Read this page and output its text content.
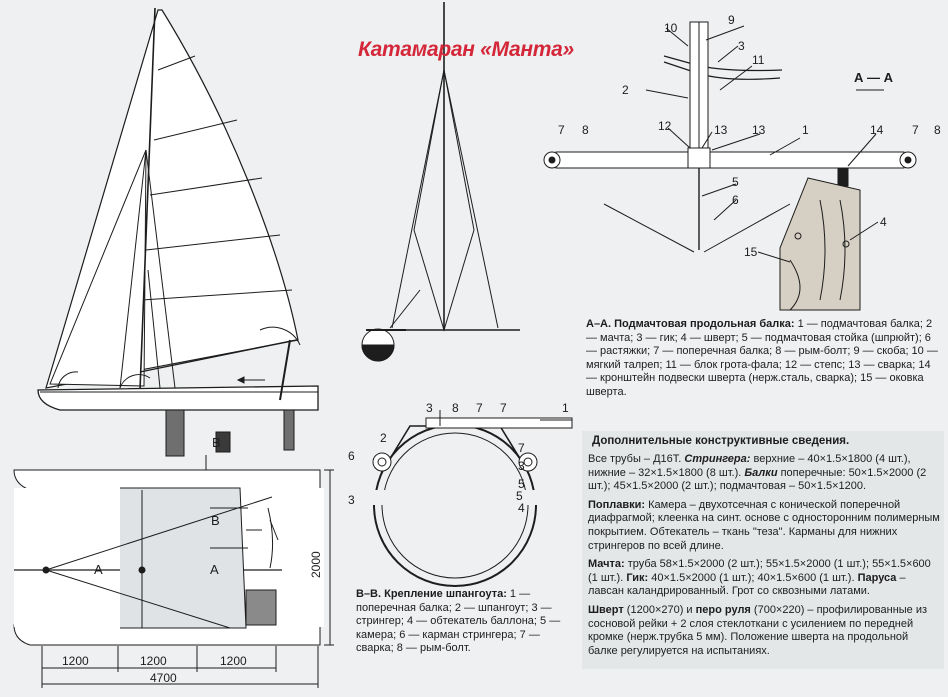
B
B
A	A	2000
1200	1200	1200
4700
10
9
3
11
2
12	13 13	1	14 7 8
7 8
5
6
4
15
3 8 7 7	1
2
6
3	5
7
3
5
4
А — А
Катамаран «Манта»
А–А. Подмачтовая продольная балка: 1 — подмачтовая балка; 2 — мачта; 3 — гик; 4 — шверт; 5 — подмачтовая стойка (шпрюйт); 6 — растяжки; 7 — поперечная балка; 8 — рым-болт; 9 — скоба; 10 — мягкий талреп; 11 — блок грота-фала; 12 — степс; 13 — сварка; 14 — кронштейн подвески шверта (нерж.сталь, сварка); 15 — оковка шверта.
Дополнительные конструктивные сведения.

Все трубы – Д16Т. Стрингера: верхние – 40×1.5×1800 (4 шт.), нижние – 32×1.5×1800 (8 шт.). Балки поперечные: 50×1.5×2000 (2 шт.); 45×1.5×2000 (2 шт.); подмачтовая – 50×1.5×1200.

Поплавки: Камера – двухотсечная с конической поперечной диафрагмой; клеенка на синт. основе с односторонним полимерным покрытием. Обтекатель – ткань "теза". Карманы для нижних стрингеров по всей длине.

Мачта: труба 58×1.5×2000 (2 шт.); 55×1.5×2000 (1 шт.); 55×1.5×600 (1 шт.). Гик: 40×1.5×2000 (1 шт.); 40×1.5×600 (1 шт.). Паруса – лавсан каландрированный. Грот со сквозными латами.

Шверт (1200×270) и перо руля (700×220) – профилированные из сосновой рейки + 2 слоя стеклоткани с усилением по передней кромке (нерж.трубка 5 мм). Положение шверта на продольной балке регулируется на испытаниях.

В–В. Крепление шпангоута: 1 — поперечная балка; 2 — шпангоут; 3 — стрингер; 4 — обтекатель баллона; 5 — камера; 6 — карман стрингера; 7 — сварка; 8 — рым-болт.
